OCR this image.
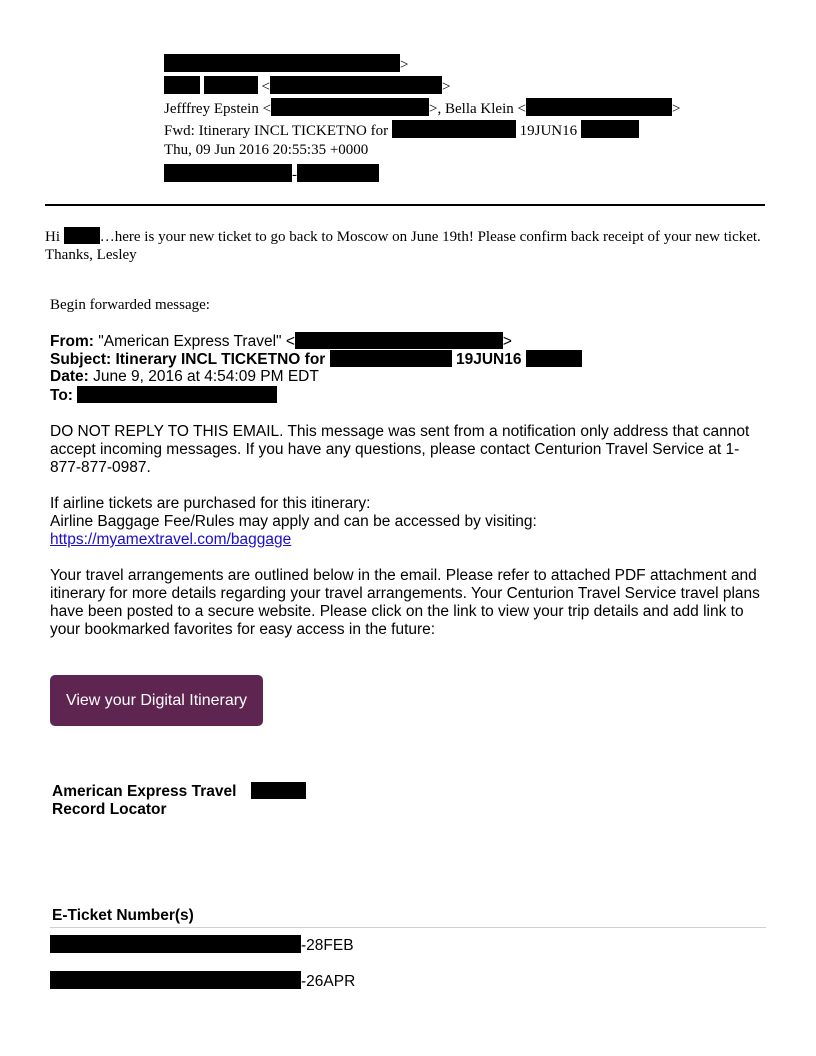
>
<	>
Jefffrey Epstein <	>, Bella Klein <	>
Fwd: Itinerary INCL TICKETNO for	19JUN16
Thu, 09 Jun 2016 20:55:35 +0000
-
Hi	…here is your new ticket to go back to Moscow on June 19th! Please confirm back receipt of your new ticket. Thanks, Lesley
Begin forwarded message:
From: "American Express Travel" <	>
Subject: Itinerary INCL TICKETNO for	19JUN16
Date: June 9, 2016 at 4:54:09 PM EDT
To:
DO NOT REPLY TO THIS EMAIL. This message was sent from a notification only address that cannot accept incoming messages. If you have any questions, please contact Centurion Travel Service at 1-877-877-0987.
If airline tickets are purchased for this itinerary:
Airline Baggage Fee/Rules may apply and can be accessed by visiting:
https://myamextravel.com/baggage
Your travel arrangements are outlined below in the email. Please refer to attached PDF attachment and itinerary for more details regarding your travel arrangements. Your Centurion Travel Service travel plans have been posted to a secure website. Please click on the link to view your trip details and add link to your bookmarked favorites for easy access in the future:
View your Digital Itinerary
American Express Travel
Record Locator
E-Ticket Number(s)
-28FEB
-26APR
